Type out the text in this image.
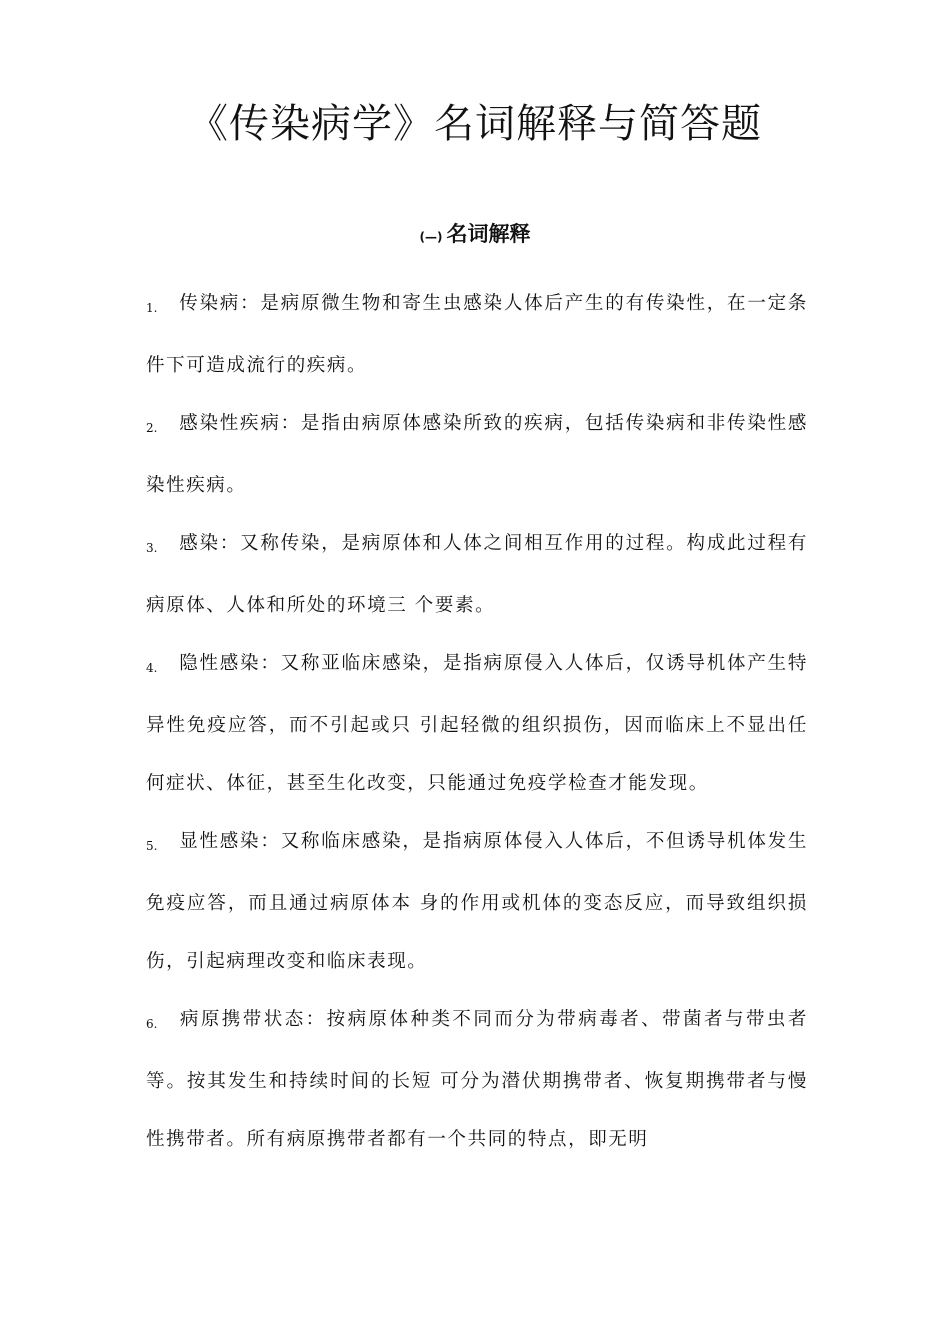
《传染病学》名词解释与简答题
(—) 名词解释
1. 传染病：是病原微生物和寄生虫感染人体后产生的有传染性，在一定条件下可造成流行的疾病。
2. 感染性疾病：是指由病原体感染所致的疾病，包括传染病和非传染性感染性疾病。
3. 感染：又称传染，是病原体和人体之间相互作用的过程。构成此过程有病原体、人体和所处的环境三 个要素。
4. 隐性感染：又称亚临床感染，是指病原侵入人体后，仅诱导机体产生特异性免疫应答，而不引起或只 引起轻微的组织损伤，因而临床上不显出任何症状、体征，甚至生化改变，只能通过免疫学检查才能发现。
5. 显性感染：又称临床感染，是指病原体侵入人体后，不但诱导机体发生免疫应答，而且通过病原体本 身的作用或机体的变态反应，而导致组织损伤，引起病理改变和临床表现。
6. 病原携带状态：按病原体种类不同而分为带病毒者、带菌者与带虫者等。按其发生和持续时间的长短 可分为潜伏期携带者、恢复期携带者与慢性携带者。所有病原携带者都有一个共同的特点，即无明
